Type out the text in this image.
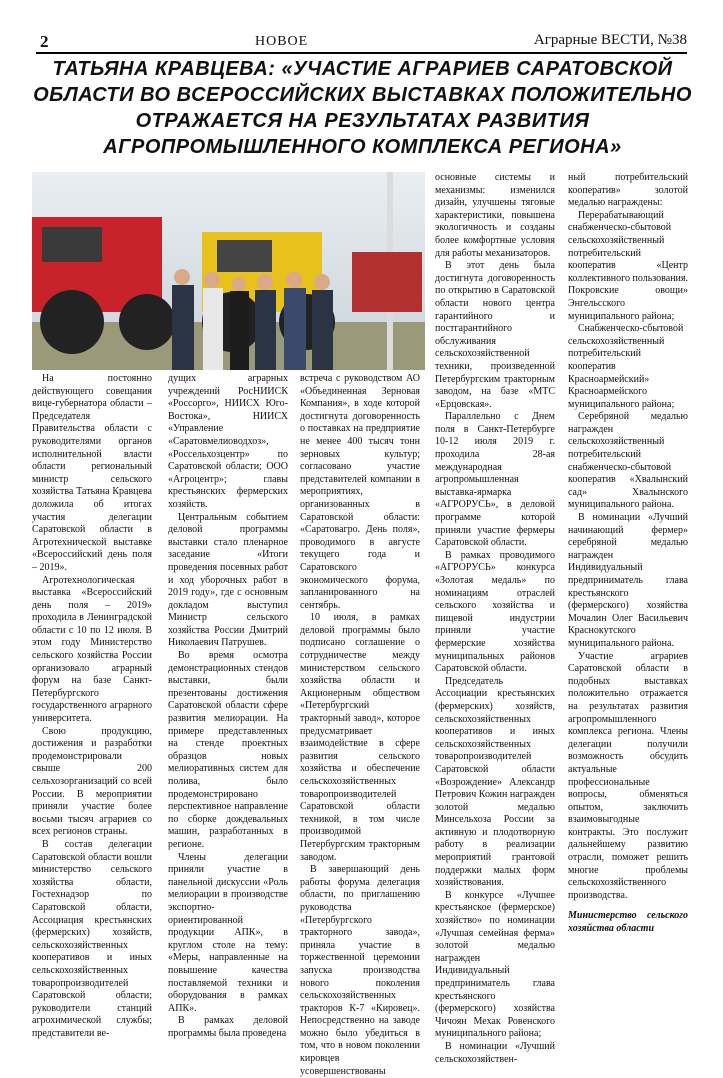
2	НОВОЕ	Аграрные ВЕСТИ, №38
ТАТЬЯНА КРАВЦЕВА: «УЧАСТИЕ АГРАРИЕВ САРАТОВСКОЙ ОБЛАСТИ ВО ВСЕРОССИЙСКИХ ВЫСТАВКАХ ПОЛОЖИТЕЛЬНО ОТРАЖАЕТСЯ НА РЕЗУЛЬТАТАХ РАЗВИТИЯ АГРОПРОМЫШЛЕННОГО КОМПЛЕКСА РЕГИОНА»

На постоянно действующего совещания вице-губернатора области – Председателя Правительства области с руководителями органов исполнительной власти области региональный министр сельского хозяйства Татьяна Кравцева доложила об итогах участия делегации Саратовской области в Агротехнической выставке «Всероссийский день поля – 2019».

Агротехнологическая выставка «Всероссийский день поля – 2019» проходила в Ленинградской области с 10 по 12 июля. В этом году Министерство сельского хозяйства России организовало аграрный форум на базе Санкт-Петербургского государственного аграрного университета.

Свою продукцию, достижения и разработки продемонстрировали свыше 200 сельхозорганизаций со всей России. В мероприятии приняли участие более восьми тысяч аграриев со всех регионов страны.

В состав делегации Саратовской области вошли министерство сельского хозяйства области, Гостехнадзор по Саратовской области, Ассоциация крестьянских (фермерских) хозяйств, сельскохозяйственных кооперативов и иных сельскохозяйственных товаропроизводителей Саратовской области; руководители станций агрохимической службы; представители ве-

дущих аграрных учреждений РосНИИСК «Россорго», НИИСХ Юго-Востока», НИИСХ «Управление «Саратовмелиоводхоз», «Россельхозцентр» по Саратовской области; ООО «Агроцентр»; главы крестьянских фермерских хозяйств.

Центральным событием деловой программы выставки стало пленарное заседание «Итоги проведения посевных работ и ход уборочных работ в 2019 году», где с основным докладом выступил Министр сельского хозяйства России Дмитрий Николаевич Патрушев.

Во время осмотра демонстрационных стендов выставки, были презентованы достижения Саратовской области сфере развития мелиорации. На примере представленных на стенде проектных образцов новых мелиоративных систем для полива, было продемонстрировано перспективное направление по сборке дождевальных машин, разработанных в регионе.

Члены делегации приняли участие в панельной дискуссии «Роль мелиорации в производстве экспортно-ориентированной продукции АПК», в круглом столе на тему: «Меры, направленные на повышение качества поставляемой техники и оборудования в рамках АПК».

В рамках деловой программы была проведена

встреча с руководством АО «Объединенная Зерновая Компания», в ходе которой достигнута договоренность о поставках на предприятие не менее 400 тысяч тонн зерновых культур; согласовано участие представителей компании в мероприятиях, организованных в Саратовской области: «Саратовагро. День поля», проводимого в августе текущего года и Саратовского экономического форума, запланированного на сентябрь.

10 июля, в рамках деловой программы было подписано соглашение о сотрудничестве между министерством сельского хозяйства области и Акционерным обществом «Петербургский тракторный завод», которое предусматривает взаимодействие в сфере развития сельского хозяйства и обеспечение сельскохозяйственных товаропроизводителей Саратовской области техникой, в том числе производимой Петербургским тракторным заводом.

В завершающий день работы форума делегация области, по приглашению руководства «Петербургского тракторного завода», приняла участие в торжественной церемонии запуска производства нового поколения сельскохозяйственных тракторов К-7 «Кировец». Непосредственно на заводе можно было убедиться в том, что в новом поколении кировцев усовершенствованы

основные системы и механизмы: изменился дизайн, улучшены тяговые характеристики, повышена экологичность и созданы более комфортные условия для работы механизаторов.

В этот день была достигнута договоренность по открытию в Саратовской области нового центра гарантийного и постгарантийного обслуживания сельскохозяйственной техники, произведенной Петербургским тракторным заводом, на базе «МТС «Ерцовская».

Параллельно с Днем поля в Санкт-Петербурге 10-12 июля 2019 г. проходила 28-ая международная агропромышленная выставка-ярмарка «АГРОРУСЬ», в деловой программе которой приняли участие фермеры Саратовской области.

В рамках проводимого «АГРОРУСЬ» конкурса «Золотая медаль» по номинациям отраслей сельского хозяйства и пищевой индустрии приняли участие фермерские хозяйства муниципальных районов Саратовской области.

Председатель Ассоциации крестьянских (фермерских) хозяйств, сельскохозяйственных кооперативов и иных сельскохозяйственных товаропроизводителей Саратовской области «Возрождение» Александр Петрович Кожин награжден золотой медалью Минсельхоза России за активную и плодотворную работу в реализации мероприятий грантовой поддержки малых форм хозяйствования.

В конкурсе «Лучшее крестьянское (фермерское) хозяйство» по номинации «Лучшая семейная ферма» золотой медалью награжден Индивидуальный предприниматель глава крестьянского (фермерского) хозяйства Чичоян Мехак Ровенского муниципального района;

В номинации «Лучший сельскохозяйствен-

ный потребительский кооператив» золотой медалью награждены:

Перерабатывающий снабженческо-сбытовой сельскохозяйственный потребительский кооператив «Центр коллективного пользования. Покровские овощи» Энгельсского муниципального района;

Снабженческо-сбытовой сельскохозяйственный потребительский кооператив Красноармейский» Красноармейского муниципального района;

Серебряной медалью награжден сельскохозяйственный потребительский снабженческо-сбытовой кооператив «Хвалынский сад» Хвалынского муниципального района.

В номинации «Лучший начинающий фермер» серебряной медалью награжден Индивидуальный предприниматель глава крестьянского (фермерского) хозяйства Мочалин Олег Васильевич Краснокутского муниципального района.

Участие аграриев Саратовской области в подобных выставках положительно отражается на результатах развития агропромышленного комплекса региона. Члены делегации получили возможность обсудить актуальные профессиональные вопросы, обменяться опытом, заключить взаимовыгодные контракты. Это послужит дальнейшему развитию отрасли, поможет решить многие проблемы сельскохозяйственного производства.

Министерство сельского хозяйства области
